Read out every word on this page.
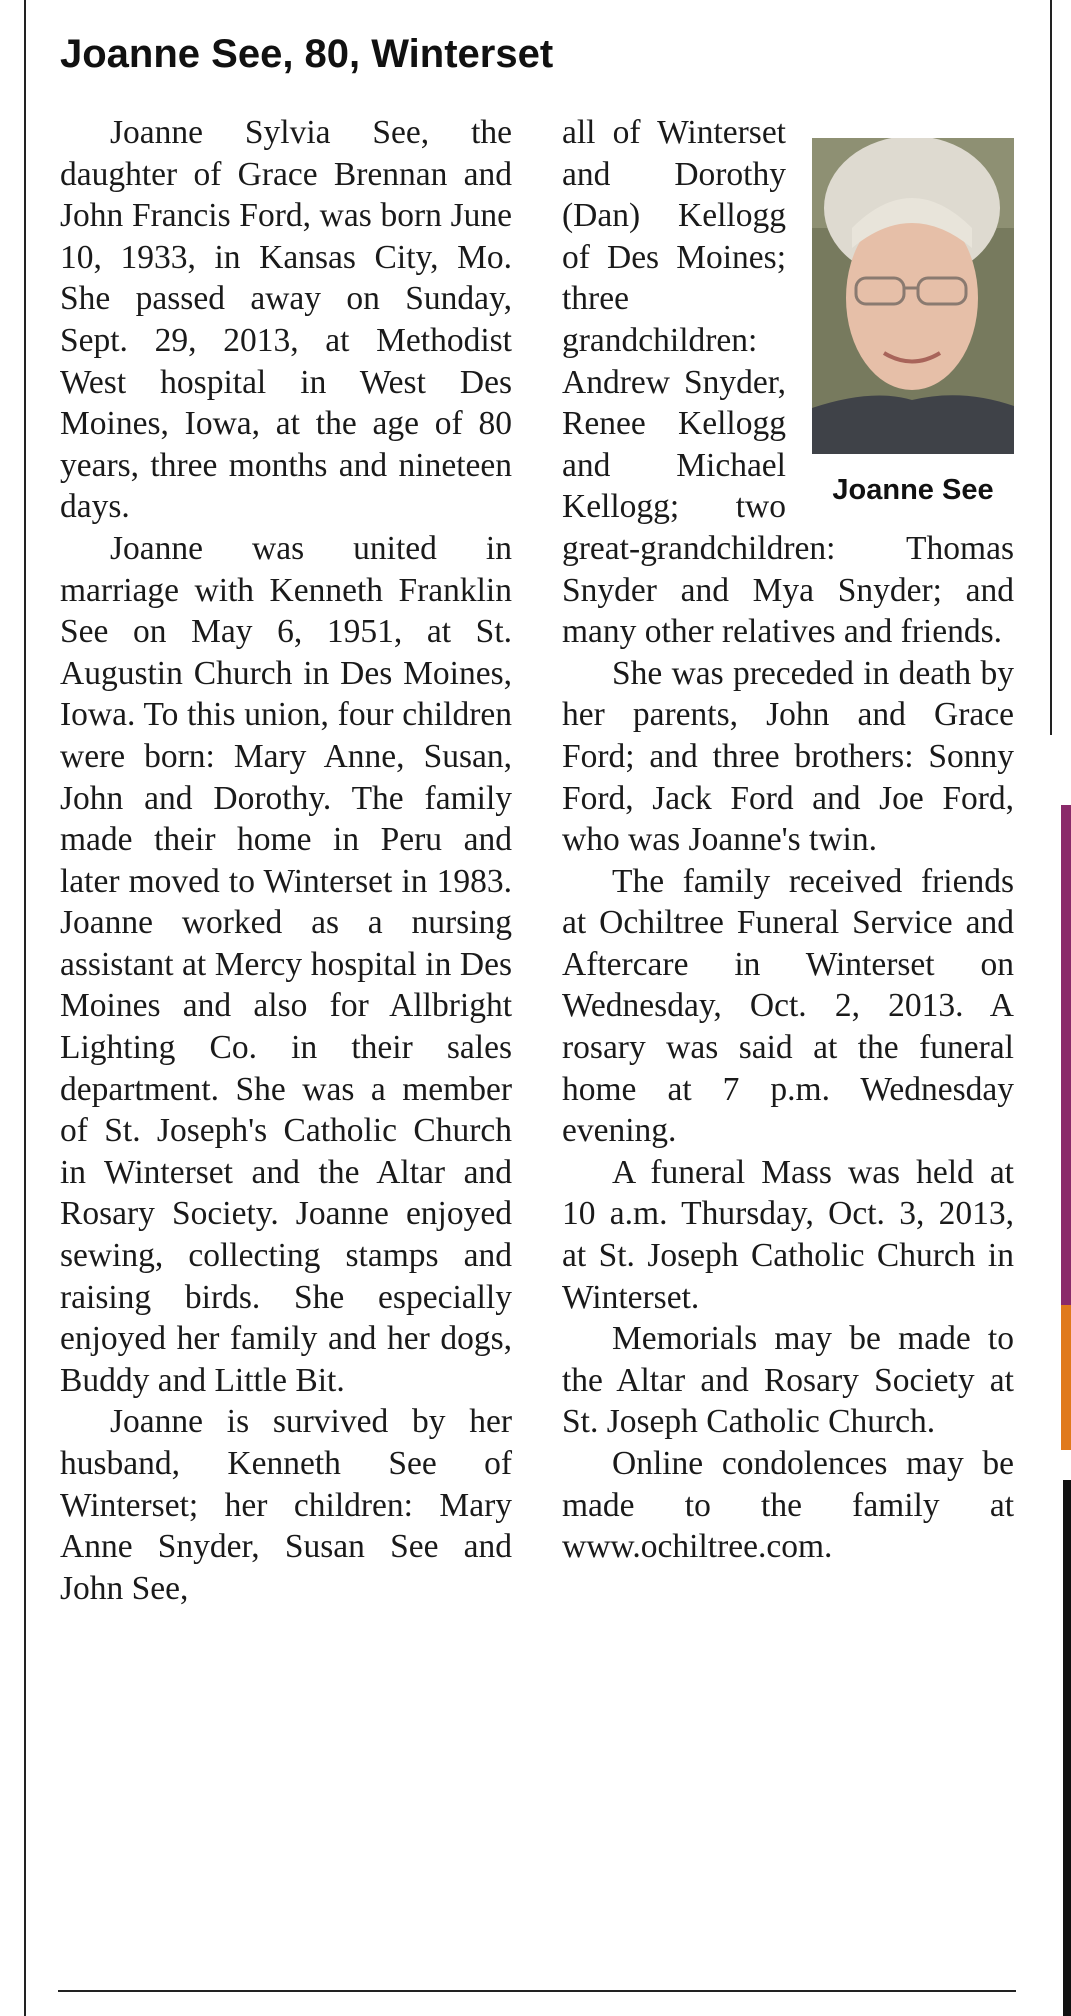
Joanne See, 80, Winterset

Joanne Sylvia See, the daughter of Grace Brennan and John Francis Ford, was born June 10, 1933, in Kansas City, Mo. She passed away on Sunday, Sept. 29, 2013, at Methodist West hospital in West Des Moines, Iowa, at the age of 80 years, three months and nineteen days.

Joanne was united in marriage with Kenneth Franklin See on May 6, 1951, at St. Augustin Church in Des Moines, Iowa. To this union, four children were born: Mary Anne, Susan, John and Dorothy. The family made their home in Peru and later moved to Winterset in 1983. Joanne worked as a nursing assistant at Mercy hospital in Des Moines and also for Allbright Lighting Co. in their sales department. She was a member of St. Joseph's Catholic Church in Winterset and the Altar and Rosary Society. Joanne enjoyed sewing, collecting stamps and raising birds. She especially enjoyed her family and her dogs, Buddy and Little Bit.

Joanne is survived by her husband, Kenneth See of Winterset; her children: Mary Anne Snyder, Susan See and John See,

Joanne See
all of Winterset and Dorothy (Dan) Kellogg of Des Moines; three grandchildren: Andrew Snyder, Renee Kellogg and Michael Kellogg; two great-grandchildren: Thomas Snyder and Mya Snyder; and many other relatives and friends.

She was preceded in death by her parents, John and Grace Ford; and three brothers: Sonny Ford, Jack Ford and Joe Ford, who was Joanne's twin.

The family received friends at Ochiltree Funeral Service and Aftercare in Winterset on Wednesday, Oct. 2, 2013. A rosary was said at the funeral home at 7 p.m. Wednesday evening.

A funeral Mass was held at 10 a.m. Thursday, Oct. 3, 2013, at St. Joseph Catholic Church in Winterset.

Memorials may be made to the Altar and Rosary Society at St. Joseph Catholic Church.

Online condolences may be made to the family at www.ochiltree.com.
